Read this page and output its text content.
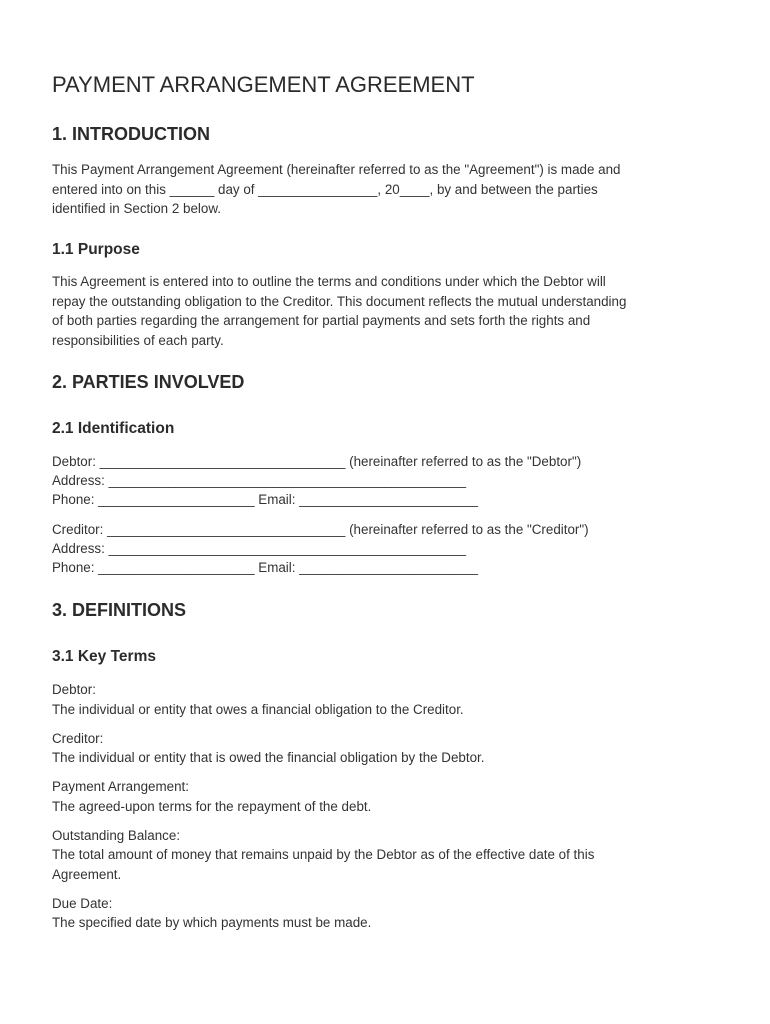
PAYMENT ARRANGEMENT AGREEMENT
1. INTRODUCTION
This Payment Arrangement Agreement (hereinafter referred to as the "Agreement") is made and
entered into on this ______ day of ________________, 20____, by and between the parties
identified in Section 2 below.
1.1 Purpose
This Agreement is entered into to outline the terms and conditions under which the Debtor will
repay the outstanding obligation to the Creditor. This document reflects the mutual understanding
of both parties regarding the arrangement for partial payments and sets forth the rights and
responsibilities of each party.
2. PARTIES INVOLVED
2.1 Identification
Debtor: _________________________________ (hereinafter referred to as the "Debtor")
Address: ________________________________________________
Phone: _____________________ Email: ________________________
Creditor: ________________________________ (hereinafter referred to as the "Creditor")
Address: ________________________________________________
Phone: _____________________ Email: ________________________
3. DEFINITIONS
3.1 Key Terms
Debtor:
The individual or entity that owes a financial obligation to the Creditor.
Creditor:
The individual or entity that is owed the financial obligation by the Debtor.
Payment Arrangement:
The agreed-upon terms for the repayment of the debt.
Outstanding Balance:
The total amount of money that remains unpaid by the Debtor as of the effective date of this
Agreement.
Due Date:
The specified date by which payments must be made.
